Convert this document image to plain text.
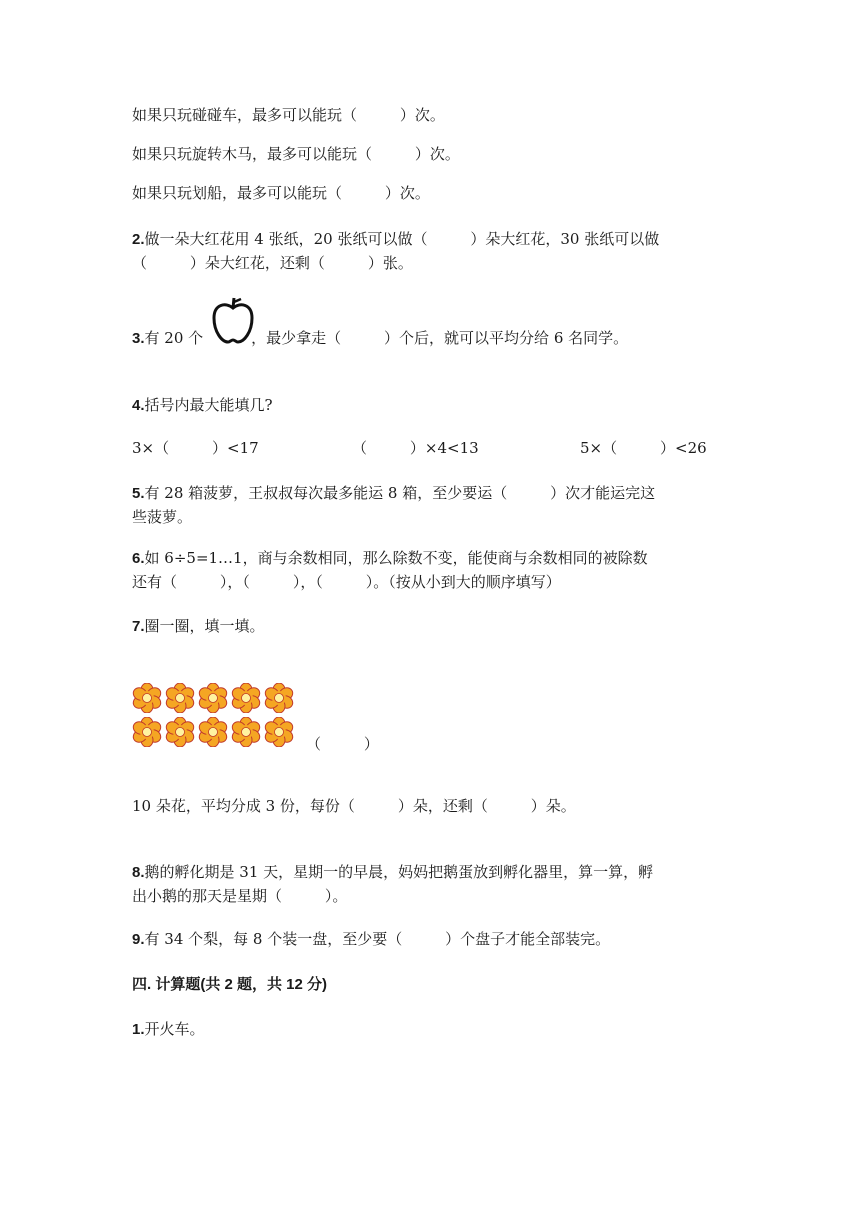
如果只玩碰碰车，最多可以能玩（         ）次。
如果只玩旋转木马，最多可以能玩（         ）次。
如果只玩划船，最多可以能玩（         ）次。
2.做一朵大红花用 4 张纸，20 张纸可以做（         ）朵大红花，30 张纸可以做
（         ）朵大红花，还剩（         ）张。
3.有 20 个	，最少拿走（         ）个后，就可以平均分给 6 名同学。
4.括号内最大能填几?
3×（         ）<17	（         ）×4<13	5×（         ）<26
5.有 28 箱菠萝，王叔叔每次最多能运 8 箱，至少要运（         ）次才能运完这
些菠萝。
6.如 6÷5=1…1，商与余数相同，那么除数不变，能使商与余数相同的被除数
还有（         ），（         ），（         ）。（按从小到大的顺序填写）
7.圈一圈，填一填。
（         ）
10 朵花，平均分成 3 份，每份（         ）朵，还剩（         ）朵。
8.鹅的孵化期是 31 天，星期一的早晨，妈妈把鹅蛋放到孵化器里，算一算，孵
出小鹅的那天是星期（         ）。
9.有 34 个梨，每 8 个装一盘，至少要（         ）个盘子才能全部装完。
四. 计算题(共 2 题，共 12 分)
1.开火车。
